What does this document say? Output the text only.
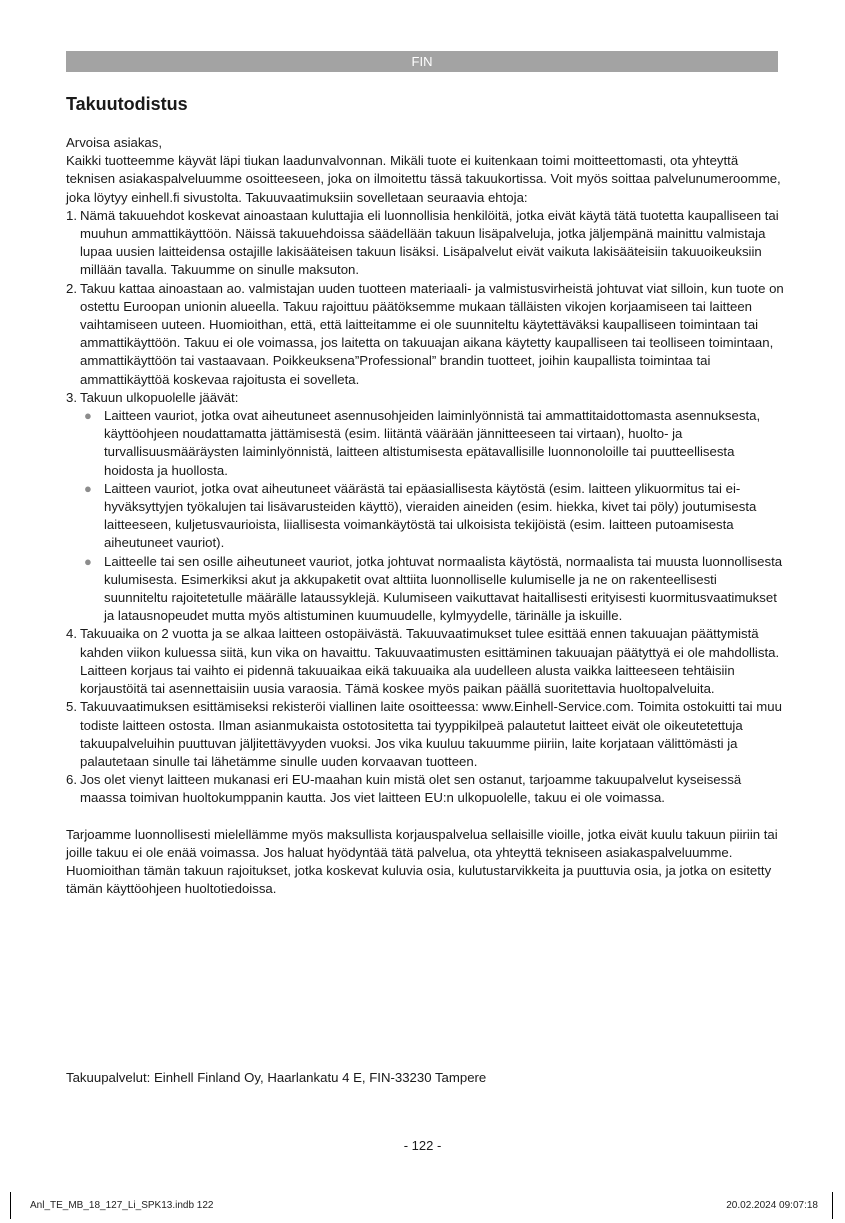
FIN
Takuutodistus

Arvoisa asiakas,

Kaikki tuotteemme käyvät läpi tiukan laadunvalvonnan. Mikäli tuote ei kuitenkaan toimi moitteettomasti, ota yhteyttä teknisen asiakaspalveluumme osoitteeseen, joka on ilmoitettu tässä takuukortissa. Voit myös soittaa palvelunumeroomme, joka löytyy einhell.fi sivustolta. Takuuvaatimuksiin sovelletaan seuraavia ehtoja:

1. Nämä takuuehdot koskevat ainoastaan kuluttajia eli luonnollisia henkilöitä, jotka eivät käytä tätä tuotetta kaupalliseen tai muuhun ammattikäyttöön. Näissä takuuehdoissa säädellään takuun lisäpalveluja, jotka jäljempänä mainittu valmistaja lupaa uusien laitteidensa ostajille lakisääteisen takuun lisäksi. Lisäpalvelut eivät vaikuta lakisääteisiin takuuoikeuksiin millään tavalla. Takuumme on sinulle maksuton.
2. Takuu kattaa ainoastaan ao. valmistajan uuden tuotteen materiaali- ja valmistusvirheistä johtuvat viat silloin, kun tuote on ostettu Euroopan unionin alueella. Takuu rajoittuu päätöksemme mukaan tälläisten vikojen korjaamiseen tai laitteen vaihtamiseen uuteen. Huomioithan, että, että laitteitamme ei ole suunniteltu käytettäväksi kaupalliseen toimintaan tai ammattikäyttöön. Takuu ei ole voimassa, jos laitetta on takuuajan aikana käytetty kaupalliseen tai teolliseen toimintaan, ammattikäyttöön tai vastaavaan. Poikkeuksena”Professional” brandin tuotteet, joihin kaupallista toimintaa tai ammattikäyttöä koskevaa rajoitusta ei sovelleta.
3. Takuun ulkopuolelle jäävät:
● Laitteen vauriot, jotka ovat aiheutuneet asennusohjeiden laiminlyönnistä tai ammattitaidottomasta asennuksesta, käyttöohjeen noudattamatta jättämisestä (esim. liitäntä väärään jännitteeseen tai virtaan), huolto- ja turvallisuusmääräysten laiminlyönnistä, laitteen altistumisesta epätavallisille luonnonoloille tai puutteellisesta hoidosta ja huollosta.
● Laitteen vauriot, jotka ovat aiheutuneet väärästä tai epäasiallisesta käytöstä (esim. laitteen ylikuormitus tai ei-hyväksyttyjen työkalujen tai lisävarusteiden käyttö), vieraiden aineiden (esim. hiekka, kivet tai pöly) joutumisesta laitteeseen, kuljetusvaurioista, liiallisesta voimankäytöstä tai ulkoisista tekijöistä (esim. laitteen putoamisesta aiheutuneet vauriot).
● Laitteelle tai sen osille aiheutuneet vauriot, jotka johtuvat normaalista käytöstä, normaalista tai muusta luonnollisesta kulumisesta. Esimerkiksi akut ja akkupaketit ovat alttiita luonnolliselle kulumiselle ja ne on rakenteellisesti suunniteltu rajoitetetulle määrälle lataussyklejä. Kulumiseen vaikuttavat haitallisesti erityisesti kuormitusvaatimukset ja latausnopeudet mutta myös altistuminen kuumuudelle, kylmyydelle, tärinälle ja iskuille.
4. Takuuaika on 2 vuotta ja se alkaa laitteen ostopäivästä. Takuuvaatimukset tulee esittää ennen takuuajan päättymistä kahden viikon kuluessa siitä, kun vika on havaittu. Takuuvaatimusten esittäminen takuuajan päätyttyä ei ole mahdollista. Laitteen korjaus tai vaihto ei pidennä takuuaikaa eikä takuuaika ala uudelleen alusta vaikka laitteeseen tehtäisiin korjaustöitä tai asennettaisiin uusia varaosia. Tämä koskee myös paikan päällä suoritettavia huoltopalveluita.
5. Takuuvaatimuksen esittämiseksi rekisteröi viallinen laite osoitteessa: www.Einhell-Service.com. Toimita ostokuitti tai muu todiste laitteen ostosta. Ilman asianmukaista ostotositetta tai tyyppikilpeä palautetut laitteet eivät ole oikeutetettuja takuupalveluihin puuttuvan jäljitettävyyden vuoksi. Jos vika kuuluu takuumme piiriin, laite korjataan välittömästi ja palautetaan sinulle tai lähetämme sinulle uuden korvaavan tuotteen.
6. Jos olet vienyt laitteen mukanasi eri EU-maahan kuin mistä olet sen ostanut, tarjoamme takuupalvelut kyseisessä maassa toimivan huoltokumppanin kautta. Jos viet laitteen EU:n ulkopuolelle, takuu ei ole voimassa.

Tarjoamme luonnollisesti mielellämme myös maksullista korjauspalvelua sellaisille vioille, jotka eivät kuulu takuun piiriin tai joille takuu ei ole enää voimassa. Jos haluat hyödyntää tätä palvelua, ota yhteyttä tekniseen asiakaspalveluumme.

Huomioithan tämän takuun rajoitukset, jotka koskevat kuluvia osia, kulutustarvikkeita ja puuttuvia osia, ja jotka on esitetty tämän käyttöohjeen huoltotiedoissa.

Takuupalvelut: Einhell Finland Oy, Haarlankatu 4 E, FIN-33230 Tampere
- 122 -
Anl_TE_MB_18_127_Li_SPK13.indb 122	20.02.2024 09:07:18
